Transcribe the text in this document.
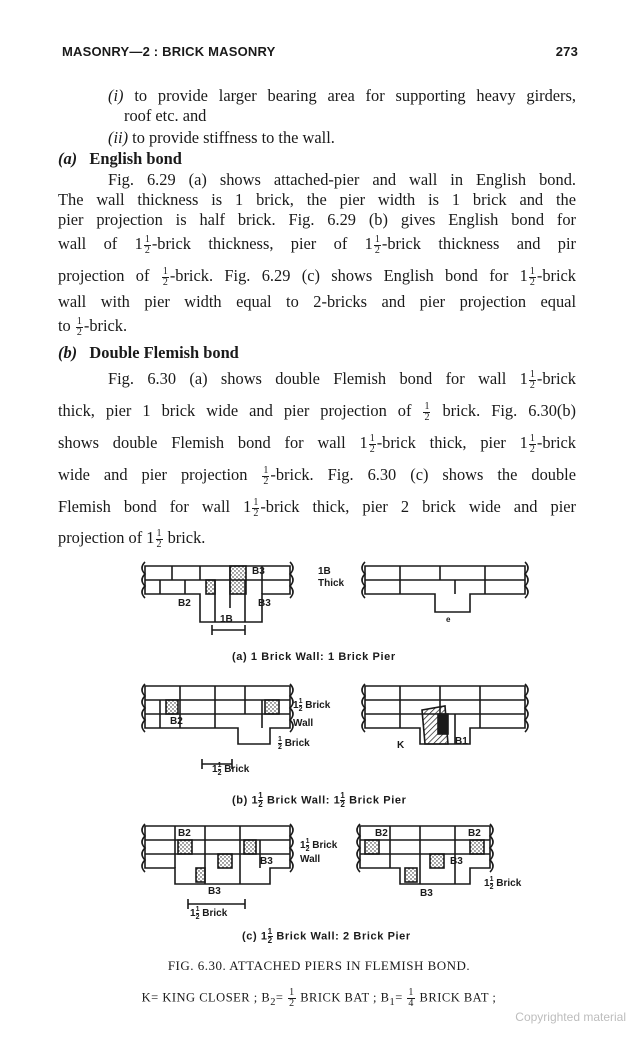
MASONRY—2 : BRICK MASONRY	273
(i) to provide larger bearing area for supporting heavy girders,
roof etc. and
(ii) to provide stiffness to the wall.
(a) English bond
Fig. 6.29 (a) shows attached-pier and wall in English bond.
The wall thickness is 1 brick, the pier width is 1 brick and the
pier projection is half brick. Fig. 6.29 (b) gives English bond for
wall of $1 \frac{1}{2}$ -brick thickness, pier of $1 \frac{1}{2}$ -brick thickness and pir
projection of $\frac{1}{2}$ -brick. Fig. 6.29 (c) shows English bond for $1 \frac{1}{2}$ -brick
wall with pier width equal to 2-bricks and pier projection equal
to $\frac{1}{2}$ -brick.
(b) Double Flemish bond
Fig. 6.30 (a) shows double Flemish bond for wall $1 \frac{1}{2}$ -brick
thick, pier 1 brick wide and pier projection of $\frac{1}{2}$ brick. Fig. 6.30(b)
shows double Flemish bond for wall $1 \frac{1}{2}$ -brick thick, pier $1 \frac{1}{2}$ -brick
wide and pier projection $\frac{1}{2}$ -brick. Fig. 6.30 (c) shows the double
Flemish bond for wall $1 \frac{1}{2}$ -brick thick, pier 2 brick wide and pier
projection of $1 \frac{1}{2}$ brick.
B3
B2	B3
1B
1B
Thick
e
$1 \frac{1}{2}$ Brick
Wall
B2
$\frac{1}{2}$ Brick
$1 \frac{1}{2}$ Brick
K	B1
B2
B3
B3
$1 \frac{1}{2}$ Brick
Wall
$1 \frac{1}{2}$ Brick
B2	B2
B3
B3
$1 \frac{1}{2}$ Brick
(a) 1 Brick Wall: 1 Brick Pier
(b) $1 \frac{1}{2}$ Brick Wall: $1 \frac{1}{2}$ Brick Pier
(c) $1 \frac{1}{2}$ Brick Wall: 2 Brick Pier
FIG. 6.30. ATTACHED PIERS IN FLEMISH BOND.
K= KING CLOSER ; $B_2= \frac{1}{2}$ BRICK BAT ; $B_1= \frac{1}{4}$ BRICK BAT ;
Copyrighted material
